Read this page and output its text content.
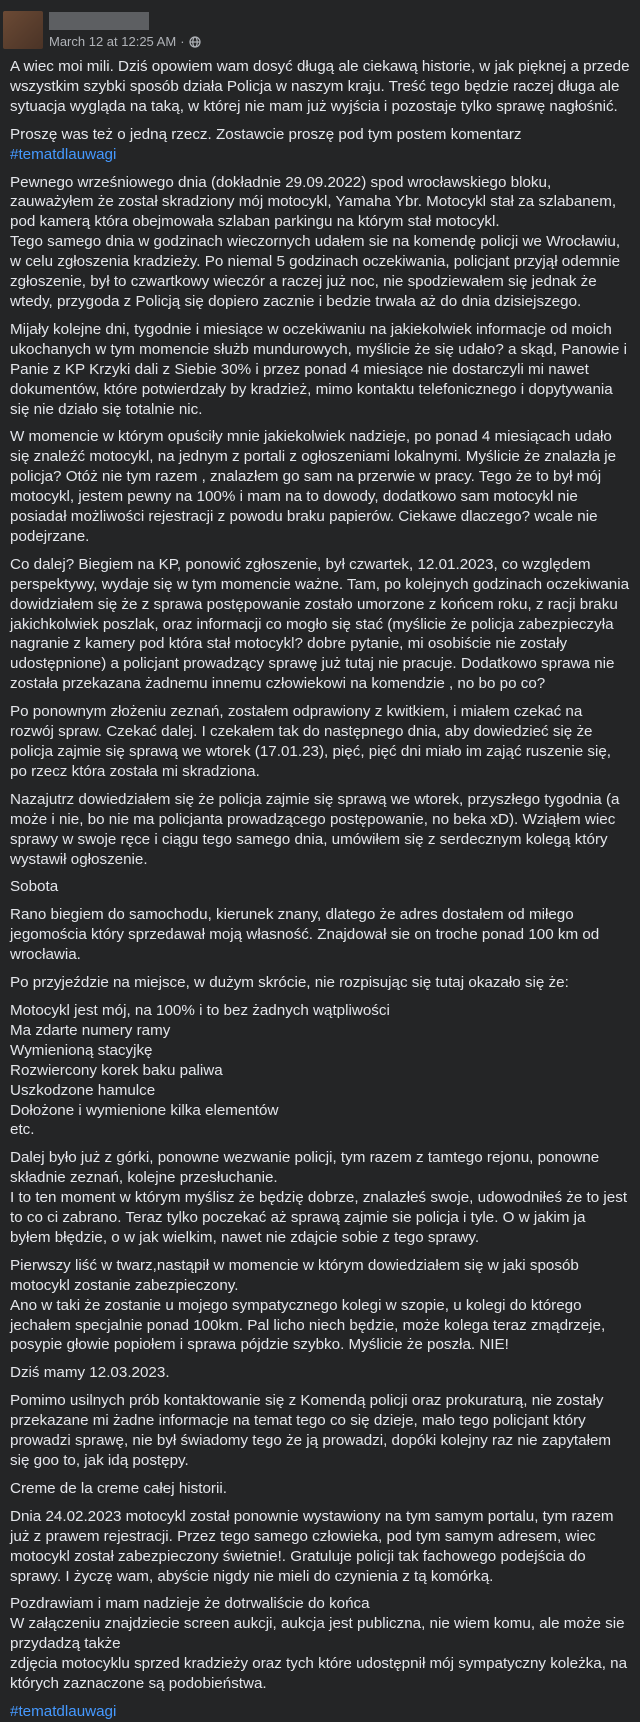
March 12 at 12:25 AM ·

A wiec moi mili. Dziś opowiem wam dosyć długą ale ciekawą historie, w jak pięknej a przede wszystkim szybki sposób działa Policja w naszym kraju. Treść tego będzie raczej długa ale sytuacja wygląda na taką, w której nie mam już wyjścia i pozostaje tylko sprawę nagłośnić.

Proszę was też o jedną rzecz. Zostawcie proszę pod tym postem komentarz #tematdlauwagi

Pewnego wrześniowego dnia (dokładnie 29.09.2022) spod wrocławskiego bloku, zauważyłem że został skradziony mój motocykl, Yamaha Ybr. Motocykl stał za szlabanem, pod kamerą która obejmowała szlaban parkingu na którym stał motocykl.
Tego samego dnia w godzinach wieczornych udałem sie na komendę policji we Wrocławiu, w celu zgłoszenia kradzieży. Po niemal 5 godzinach oczekiwania, policjant przyjął odemnie zgłoszenie, był to czwartkowy wieczór a raczej już noc, nie spodziewałem się jednak że wtedy, przygoda z Policją się dopiero zacznie i bedzie trwała aż do dnia dzisiejszego.

Mijały kolejne dni, tygodnie i miesiące w oczekiwaniu na jakiekolwiek informacje od moich ukochanych w tym momencie służb mundurowych, myślicie że się udało? a skąd, Panowie i Panie z KP Krzyki dali z Siebie 30% i przez ponad 4 miesiące nie dostarczyli mi nawet dokumentów, które potwierdzały by kradzież, mimo kontaktu telefonicznego i dopytywania się nie działo się totalnie nic.

W momencie w którym opuściły mnie jakiekolwiek nadzieje, po ponad 4 miesiącach udało się znaleźć motocykl, na jednym z portali z ogłoszeniami lokalnymi. Myślicie że znalazła je policja? Otóż nie tym razem , znalazłem go sam na przerwie w pracy. Tego że to był mój motocykl, jestem pewny na 100% i mam na to dowody, dodatkowo sam motocykl nie posiadał możliwości rejestracji z powodu braku papierów. Ciekawe dlaczego? wcale nie podejrzane.

Co dalej? Biegiem na KP, ponowić zgłoszenie, był czwartek, 12.01.2023, co względem perspektywy, wydaje się w tym momencie ważne. Tam, po kolejnych godzinach oczekiwania dowidziałem się że z sprawa postępowanie zostało umorzone z końcem roku, z racji braku jakichkolwiek poszlak, oraz informacji co mogło się stać (myślicie że policja zabezpieczyła nagranie z kamery pod która stał motocykl? dobre pytanie, mi osobiście nie zostały udostępnione) a policjant prowadzący sprawę już tutaj nie pracuje. Dodatkowo sprawa nie została przekazana żadnemu innemu człowiekowi na komendzie , no bo po co?

Po ponownym złożeniu zeznań, zostałem odprawiony z kwitkiem, i miałem czekać na rozwój spraw. Czekać dalej. I czekałem tak do następnego dnia, aby dowiedzieć się że policja zajmie się sprawą we wtorek (17.01.23), pięć, pięć dni miało im zająć ruszenie się, po rzecz która została mi skradziona.

Nazajutrz dowiedziałem się że policja zajmie się sprawą we wtorek, przyszłego tygodnia (a może i nie, bo nie ma policjanta prowadzącego postępowanie, no beka xD). Wziąłem wiec sprawy w swoje ręce i ciągu tego samego dnia, umówiłem się z serdecznym kolegą który wystawił ogłoszenie.

Sobota

Rano biegiem do samochodu, kierunek znany, dlatego że adres dostałem od miłego jegomościa który sprzedawał moją własność. Znajdował sie on troche ponad 100 km od wrocławia.

Po przyjeździe na miejsce, w dużym skrócie, nie rozpisując się tutaj okazało się że:

Motocykl jest mój, na 100% i to bez żadnych wątpliwości
Ma zdarte numery ramy
Wymienioną stacyjkę
Rozwiercony korek baku paliwa
Uszkodzone hamulce
Dołożone i wymienione kilka elementów
etc.

Dalej było już z górki, ponowne wezwanie policji, tym razem z tamtego rejonu, ponowne składnie zeznań, kolejne przesłuchanie.
I to ten moment w którym myślisz że będzię dobrze, znalazłeś swoje, udowodniłeś że to jest to co ci zabrano. Teraz tylko poczekać aż sprawą zajmie sie policja i tyle. O w jakim ja byłem błędzie, o w jak wielkim, nawet nie zdajcie sobie z tego sprawy.

Pierwszy liść w twarz,nastąpił w momencie w którym dowiedziałem się w jaki sposób motocykl zostanie zabezpieczony.
Ano w taki że zostanie u mojego sympatycznego kolegi w szopie, u kolegi do którego jechałem specjalnie ponad 100km. Pal licho niech będzie, może kolega teraz zmądrzeje, posypie głowie popiołem i sprawa pójdzie szybko. Myślicie że poszła. NIE!

Dziś mamy 12.03.2023.

Pomimo usilnych prób kontaktowanie się z Komendą policji oraz prokuraturą, nie zostały przekazane mi żadne informacje na temat tego co się dzieje, mało tego policjant który prowadzi sprawę, nie był świadomy tego że ją prowadzi, dopóki kolejny raz nie zapytałem się goo to, jak idą postępy.

Creme de la creme całej historii.

Dnia 24.02.2023 motocykl został ponownie wystawiony na tym samym portalu, tym razem już z prawem rejestracji. Przez tego samego człowieka, pod tym samym adresem, wiec motocykl został zabezpieczony świetnie!. Gratuluje policji tak fachowego podejścia do sprawy. I życzę wam, abyście nigdy nie mieli do czynienia z tą komórką.

Pozdrawiam i mam nadzieje że dotrwaliście do końca
W załączeniu znajdziecie screen aukcji, aukcja jest publiczna, nie wiem komu, ale może sie przydadzą także
zdjęcia motocyklu sprzed kradzieży oraz tych które udostępnił mój sympatyczny koleżka, na których zaznaczone są podobieństwa.

#tematdlauwagi
